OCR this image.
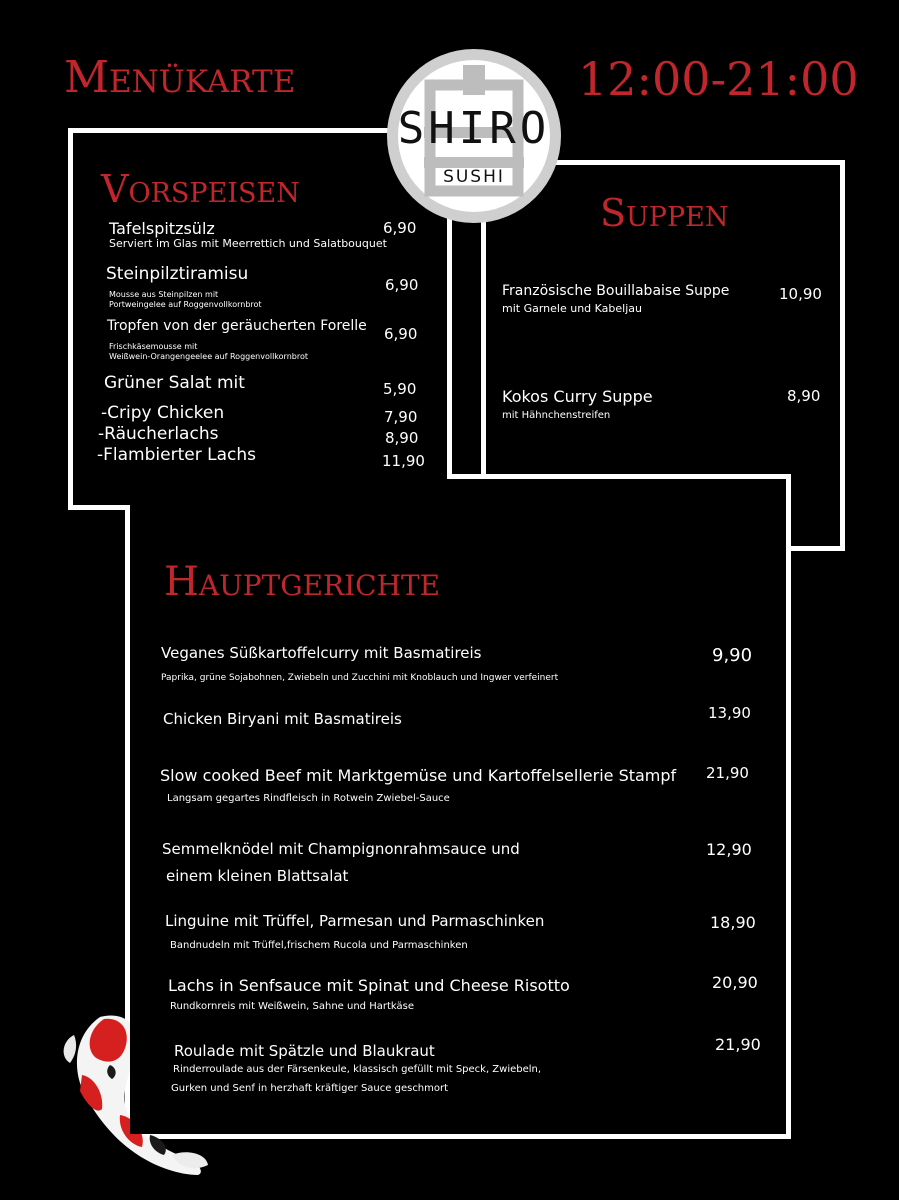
Menükarte	12:00-21:00
Vorspeisen
Tafelspitzsülz
Serviert im Glas mit Meerrettich und Salatbouquet
6,90
Steinpilztiramisu
Mousse aus Steinpilzen mit
Portweingelee auf Roggenvollkornbrot
6,90
Tropfen von der geräucherten Forelle
Frischkäsemousse mit
Weißwein-Orangengeelee auf Roggenvollkornbrot
6,90
Grüner Salat mit	5,90
-Cripy Chicken	7,90
-Räucherlachs	8,90
-Flambierter Lachs	11,90
Suppen
Französische Bouillabaise Suppe
mit Garnele und Kabeljau
10,90
Kokos Curry Suppe
mit Hähnchenstreifen
8,90
Hauptgerichte
Veganes Süßkartoffelcurry mit Basmatireis
Paprika, grüne Sojabohnen, Zwiebeln und Zucchini mit Knoblauch und Ingwer verfeinert
9,90
Chicken Biryani mit Basmatireis	13,90
Slow cooked Beef mit Marktgemüse und Kartoffelsellerie Stampf
Langsam gegartes Rindfleisch in Rotwein Zwiebel-Sauce
21,90
Semmelknödel mit Champignonrahmsauce und
einem kleinen Blattsalat
12,90
Linguine mit Trüffel, Parmesan und Parmaschinken
Bandnudeln mit Trüffel,frischem Rucola und Parmaschinken
18,90
Lachs in Senfsauce mit Spinat und Cheese Risotto
Rundkornreis mit Weißwein, Sahne und Hartkäse
20,90
Roulade mit Spätzle und Blaukraut
Rinderroulade aus der Färsenkeule, klassisch gefüllt mit Speck, Zwiebeln,
Gurken und Senf in herzhaft kräftiger Sauce geschmort
21,90
SHIRO
SUSHI
